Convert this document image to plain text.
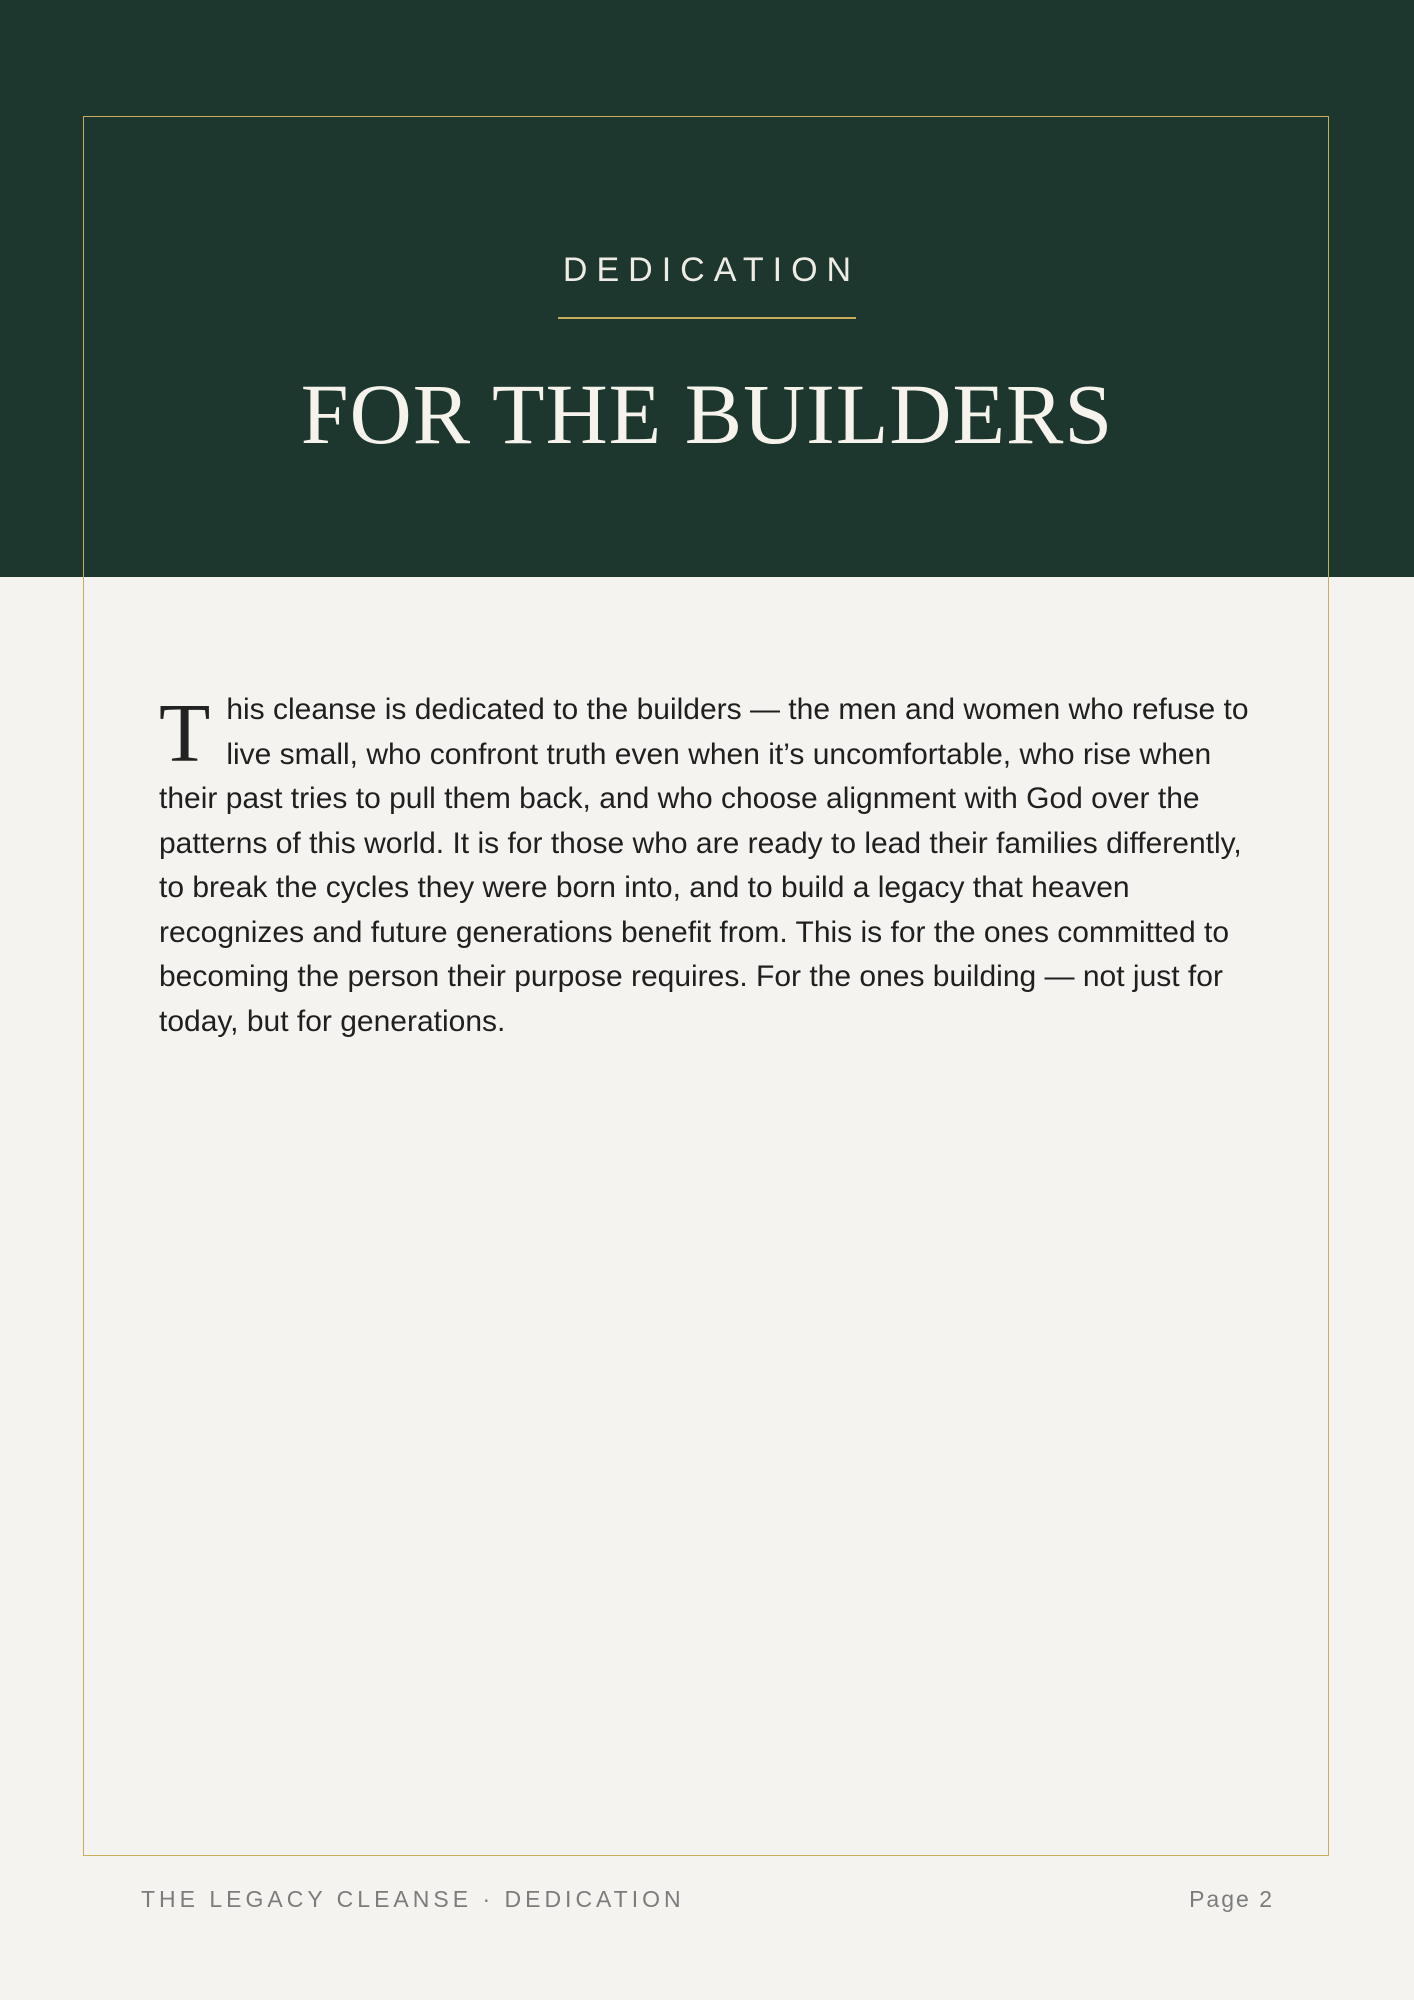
DEDICATION
FOR THE BUILDERS

This cleanse is dedicated to the builders — the men and women who refuse to live small, who confront truth even when it’s uncomfortable, who rise when their past tries to pull them back, and who choose alignment with God over the patterns of this world. It is for those who are ready to lead their families differently, to break the cycles they were born into, and to build a legacy that heaven recognizes and future generations benefit from. This is for the ones committed to becoming the person their purpose requires. For the ones building — not just for today, but for generations.

THE LEGACY CLEANSE · DEDICATION	Page 2
